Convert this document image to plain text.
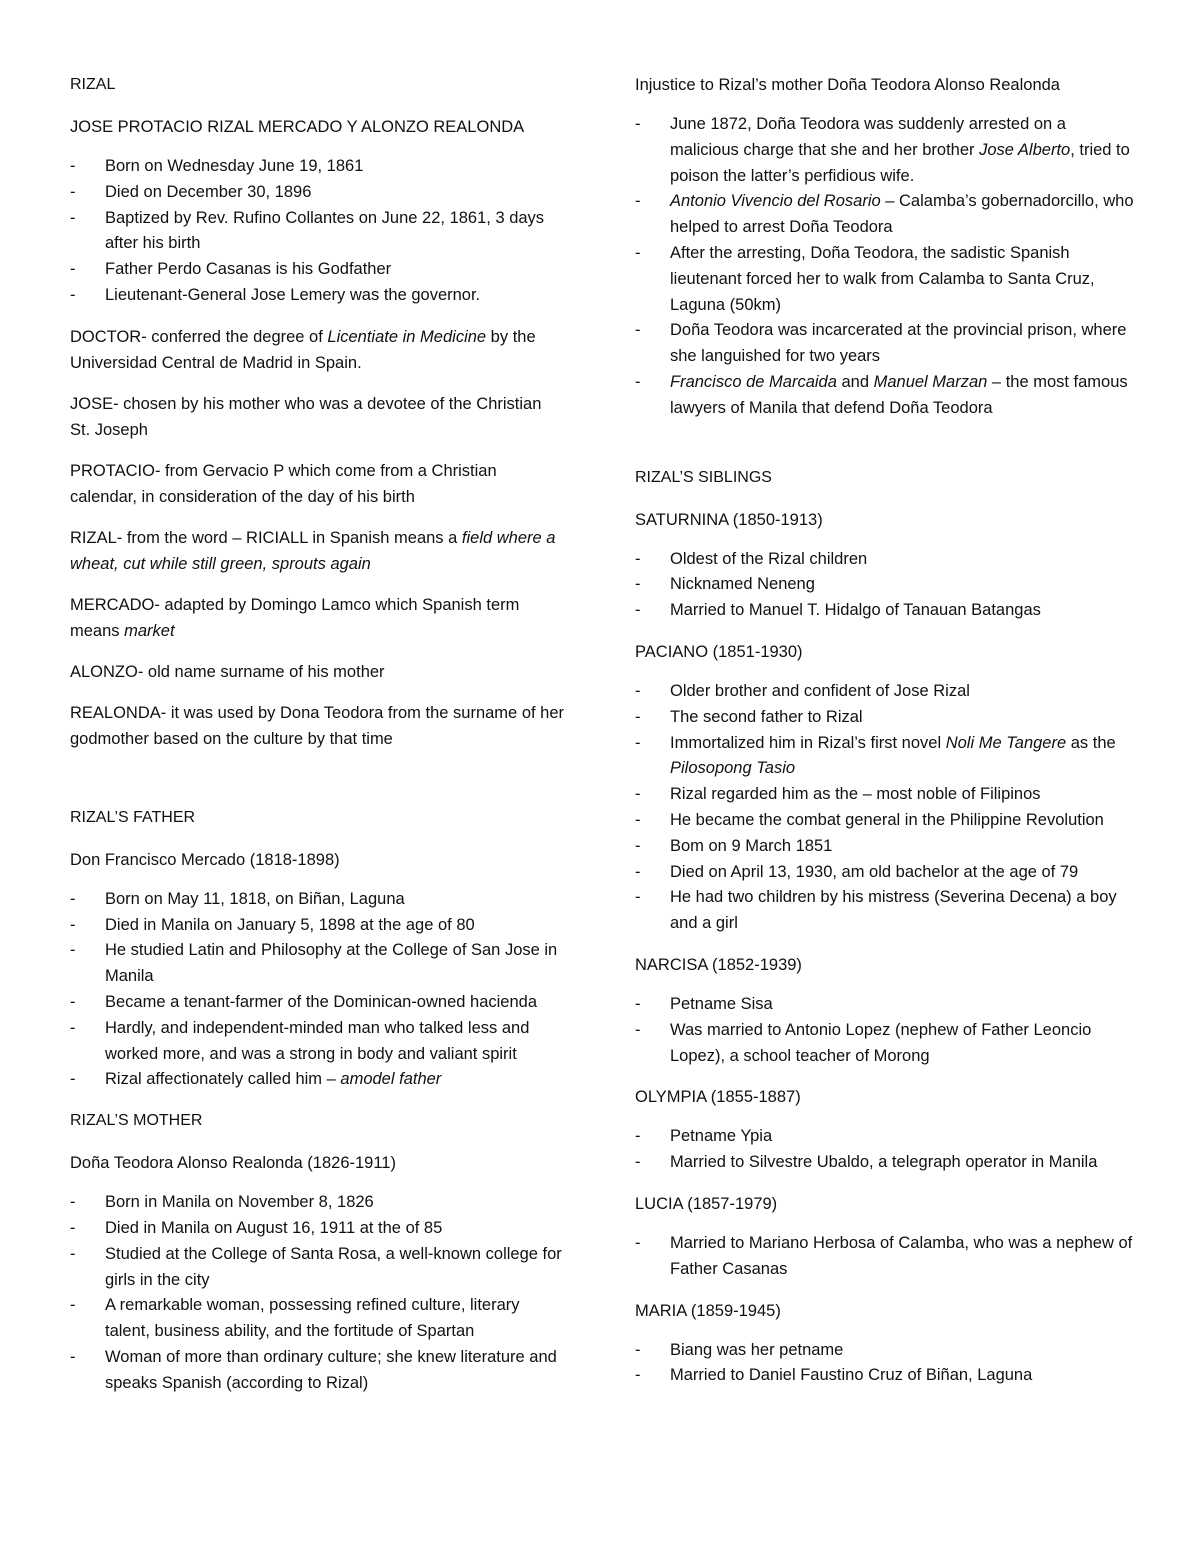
RIZAL
JOSE PROTACIO RIZAL MERCADO Y ALONZO REALONDA
- Born on Wednesday June 19, 1861
- Died on December 30, 1896
- Baptized by Rev. Rufino Collantes on June 22, 1861, 3 days after his birth
- Father Perdo Casanas is his Godfather
- Lieutenant-General Jose Lemery was the governor.

DOCTOR- conferred the degree of Licentiate in Medicine by the Universidad Central de Madrid in Spain.

JOSE- chosen by his mother who was a devotee of the Christian St. Joseph

PROTACIO- from Gervacio P which come from a Christian calendar, in consideration of the day of his birth

RIZAL- from the word – RICIALL in Spanish means a field where a wheat, cut while still green, sprouts again

MERCADO- adapted by Domingo Lamco which Spanish term means market

ALONZO- old name surname of his mother

REALONDA- it was used by Dona Teodora from the surname of her godmother based on the culture by that time

RIZAL’S FATHER
Don Francisco Mercado (1818-1898)
- Born on May 11, 1818, on Biñan, Laguna
- Died in Manila on January 5, 1898 at the age of 80
- He studied Latin and Philosophy at the College of San Jose in Manila
- Became a tenant-farmer of the Dominican-owned hacienda
- Hardly, and independent-minded man who talked less and worked more, and was a strong in body and valiant spirit
- Rizal affectionately called him – amodel father
RIZAL’S MOTHER
Doña Teodora Alonso Realonda (1826-1911)
- Born in Manila on November 8, 1826
- Died in Manila on August 16, 1911 at the of 85
- Studied at the College of Santa Rosa, a well-known college for girls in the city
- A remarkable woman, possessing refined culture, literary talent, business ability, and the fortitude of Spartan
- Woman of more than ordinary culture; she knew literature and speaks Spanish (according to Rizal)
Injustice to Rizal’s mother Doña Teodora Alonso Realonda
- June 1872, Doña Teodora was suddenly arrested on a malicious charge that she and her brother Jose Alberto, tried to poison the latter’s perfidious wife.
- Antonio Vivencio del Rosario – Calamba’s gobernadorcillo, who helped to arrest Doña Teodora
- After the arresting, Doña Teodora, the sadistic Spanish lieutenant forced her to walk from Calamba to Santa Cruz, Laguna (50km)
- Doña Teodora was incarcerated at the provincial prison, where she languished for two years
- Francisco de Marcaida and Manuel Marzan – the most famous lawyers of Manila that defend Doña Teodora
RIZAL’S SIBLINGS
SATURNINA (1850-1913)
- Oldest of the Rizal children
- Nicknamed Neneng
- Married to Manuel T. Hidalgo of Tanauan Batangas
PACIANO (1851-1930)
- Older brother and confident of Jose Rizal
- The second father to Rizal
- Immortalized him in Rizal’s first novel Noli Me Tangere as the Pilosopong Tasio
- Rizal regarded him as the – most noble of Filipinos
- He became the combat general in the Philippine Revolution
- Bom on 9 March 1851
- Died on April 13, 1930, am old bachelor at the age of 79
- He had two children by his mistress (Severina Decena) a boy and a girl
NARCISA (1852-1939)
- Petname Sisa
- Was married to Antonio Lopez (nephew of Father Leoncio Lopez), a school teacher of Morong
OLYMPIA (1855-1887)
- Petname Ypia
- Married to Silvestre Ubaldo, a telegraph operator in Manila
LUCIA (1857-1979)
- Married to Mariano Herbosa of Calamba, who was a nephew of Father Casanas
MARIA (1859-1945)
- Biang was her petname
- Married to Daniel Faustino Cruz of Biñan, Laguna
